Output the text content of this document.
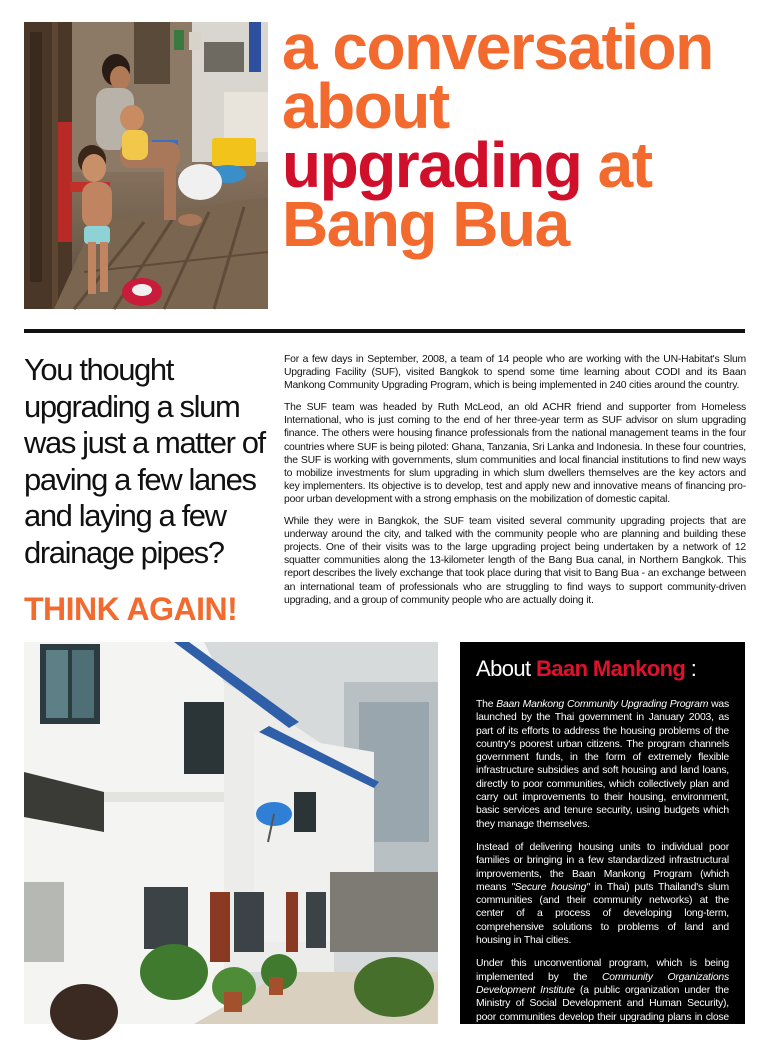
a conversation
about
upgrading at
Bang Bua

You thought upgrading a slum was just a matter of paving a few lanes and laying a few drainage pipes?

THINK AGAIN!

For a few days in September, 2008, a team of 14 people who are working with the UN-Habitat's Slum Upgrading Facility (SUF), visited Bangkok to spend some time learning about CODI and its Baan Mankong Community Upgrading Program, which is being implemented in 240 cities around the country.

The SUF team was headed by Ruth McLeod, an old ACHR friend and supporter from Homeless International, who is just coming to the end of her three-year term as SUF advisor on slum upgrading finance. The others were housing finance professionals from the national management teams in the four countries where SUF is being piloted: Ghana, Tanzania, Sri Lanka and Indonesia. In these four countries, the SUF is working with governments, slum communities and local financial institutions to find new ways to mobilize investments for slum upgrading in which slum dwellers themselves are the key actors and key implementers. Its objective is to develop, test and apply new and innovative means of financing pro-poor urban development with a strong emphasis on the mobilization of domestic capital.

While they were in Bangkok, the SUF team visited several community upgrading projects that are underway around the city, and talked with the community people who are planning and building these projects. One of their visits was to the large upgrading project being undertaken by a network of 12 squatter communities along the 13-kilometer length of the Bang Bua canal, in Northern Bangkok. This report describes the lively exchange that took place during that visit to Bang Bua - an exchange between an international team of professionals who are struggling to find ways to support community-driven upgrading, and a group of community people who are actually doing it.

About Baan Mankong :

The Baan Mankong Community Upgrading Program was launched by the Thai government in January 2003, as part of its efforts to address the housing problems of the country's poorest urban citizens. The program channels government funds, in the form of extremely flexible infrastructure subsidies and soft housing and land loans, directly to poor communities, which collectively plan and carry out improvements to their housing, environment, basic services and tenure security, using budgets which they manage themselves.

Instead of delivering housing units to individual poor families or bringing in a few standardized infrastructural improvements, the Baan Mankong Program (which means "Secure housing" in Thai) puts Thailand's slum communities (and their community networks) at the center of a process of developing long-term, comprehensive solutions to problems of land and housing in Thai cities.

Under this unconventional program, which is being implemented by the Community Organizations Development Institute (a public organization under the Ministry of Social Development and Human Security), poor communities develop their upgrading plans in close collaboration
